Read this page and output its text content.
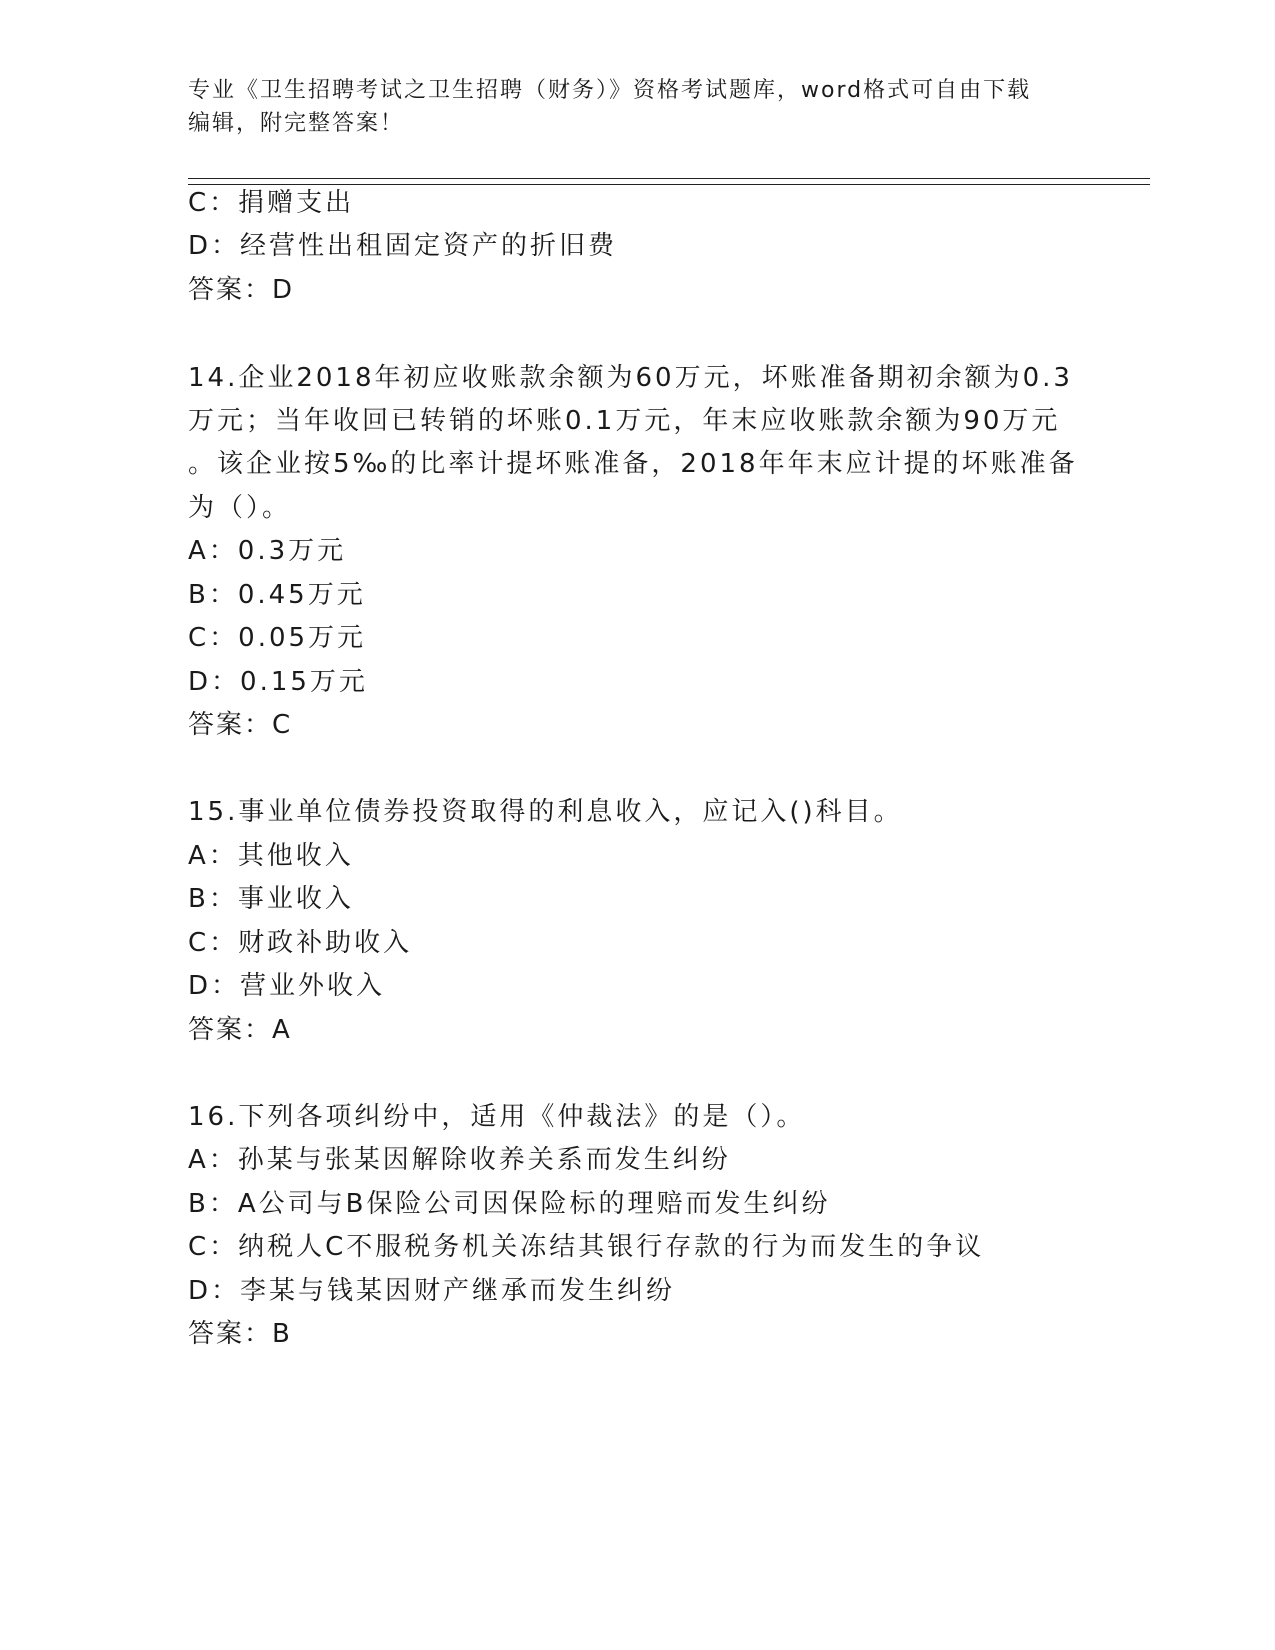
专业《卫生招聘考试之卫生招聘（财务）》资格考试题库，word格式可自由下载
编辑，附完整答案！
C：捐赠支出
D：经营性出租固定资产的折旧费
答案：D
14.企业2018年初应收账款余额为60万元，坏账准备期初余额为0.3
万元；当年收回已转销的坏账0.1万元，年末应收账款余额为90万元
。该企业按5‰的比率计提坏账准备，2018年年末应计提的坏账准备
为（）。
A：0.3万元
B：0.45万元
C：0.05万元
D：0.15万元
答案：C
15.事业单位债券投资取得的利息收入，应记入()科目。
A：其他收入
B：事业收入
C：财政补助收入
D：营业外收入
答案：A
16.下列各项纠纷中，适用《仲裁法》的是（）。
A：孙某与张某因解除收养关系而发生纠纷
B：A公司与B保险公司因保险标的理赔而发生纠纷
C：纳税人C不服税务机关冻结其银行存款的行为而发生的争议
D：李某与钱某因财产继承而发生纠纷
答案：B
